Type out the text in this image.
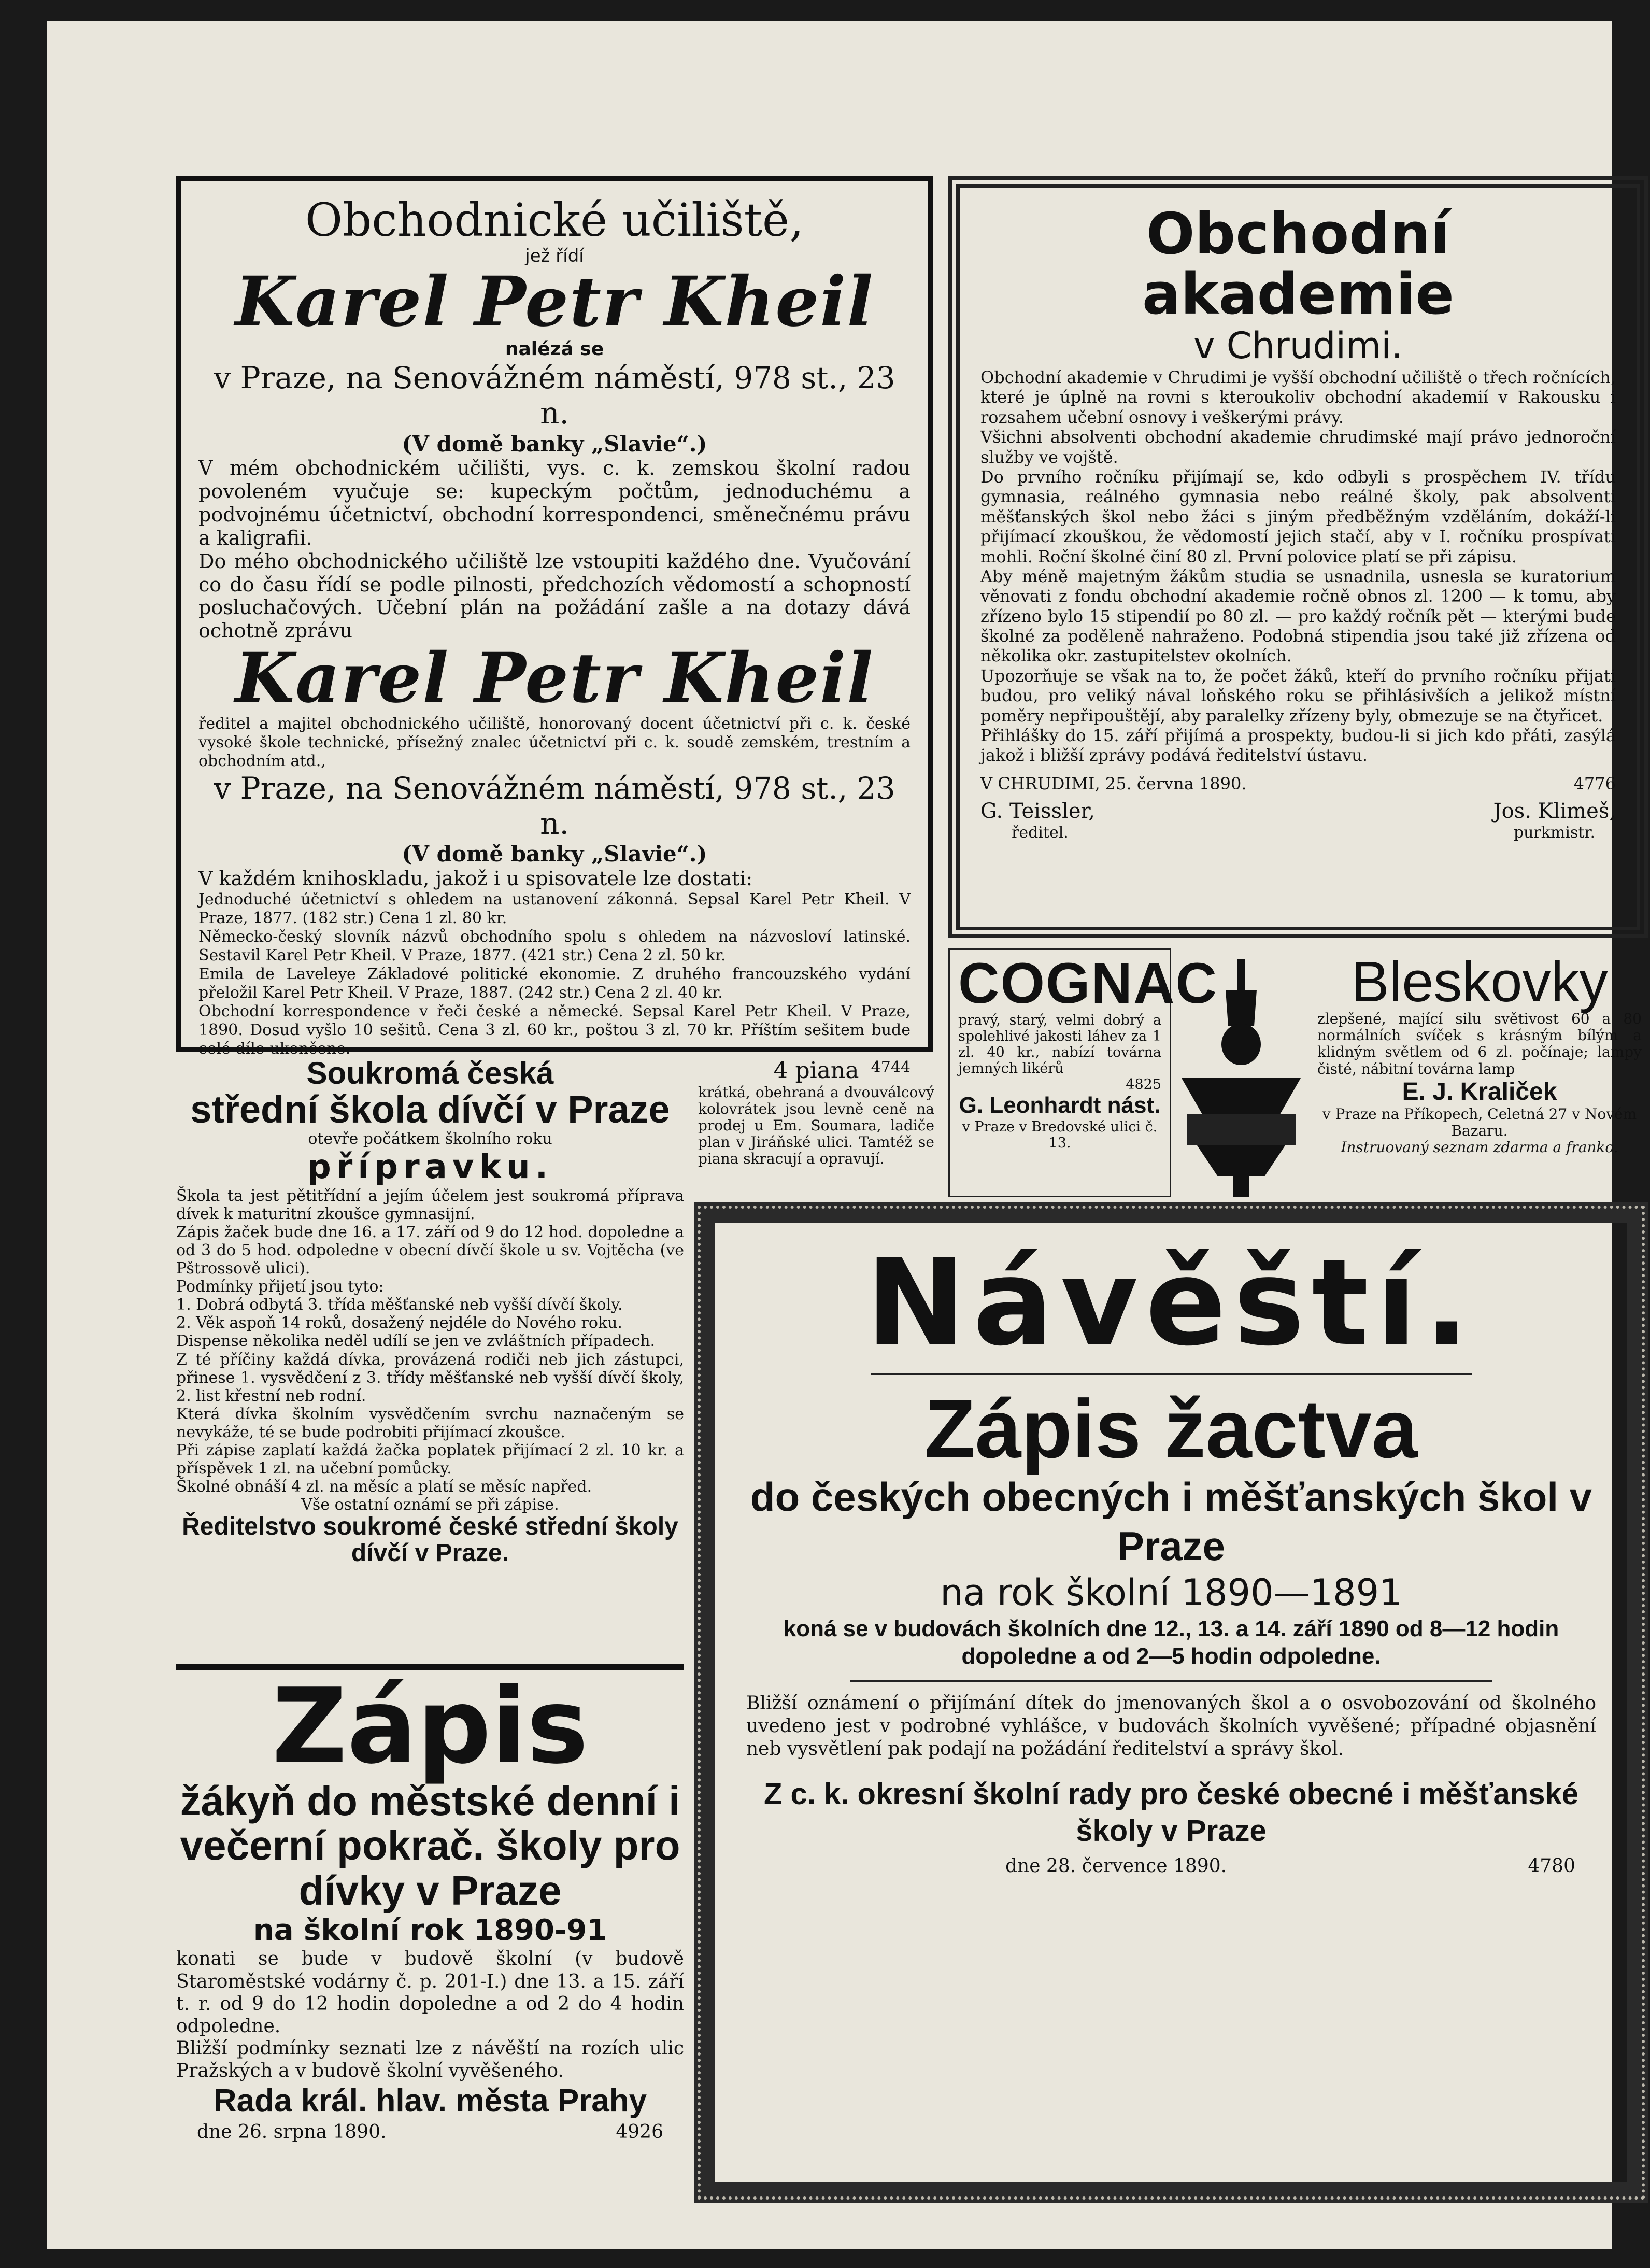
Obchodnické učiliště,

jež řídí

Karel Petr Kheil

nalézá se

v Praze, na Senovážném náměstí, 978 st., 23 n.

(V domě banky „Slavie“.)

V mém obchodnickém učilišti, vys. c. k. zemskou školní radou povoleném vyučuje se: kupeckým počtům, jednoduchému a podvojnému účetnictví, obchodní korrespondenci, směnečnému právu a kaligrafii.

Do mého obchodnického učiliště lze vstoupiti každého dne. Vyučování co do času řídí se podle pilnosti, předchozích vědomostí a schopností posluchačových. Učební plán na požádání zašle a na dotazy dává ochotně zprávu

Karel Petr Kheil

ředitel a majitel obchodnického učiliště, honorovaný docent účetnictví při c. k. české vysoké škole technické, přísežný znalec účetnictví při c. k. soudě zemském, trestním a obchodním atd.,

v Praze, na Senovážném náměstí, 978 st., 23 n.

(V domě banky „Slavie“.)

V každém knihoskladu, jakož i u spisovatele lze dostati:

Jednoduché účetnictví s ohledem na ustanovení zákonná. Sepsal Karel Petr Kheil. V Praze, 1877. (182 str.) Cena 1 zl. 80 kr.

Německo-český slovník názvů obchodního spolu s ohledem na názvosloví latinské. Sestavil Karel Petr Kheil. V Praze, 1877. (421 str.) Cena 2 zl. 50 kr.

Emila de Laveleye Základové politické ekonomie. Z druhého francouzského vydání přeložil Karel Petr Kheil. V Praze, 1887. (242 str.) Cena 2 zl. 40 kr.

Obchodní korrespondence v řeči české a německé. Sepsal Karel Petr Kheil. V Praze, 1890. Dosud vyšlo 10 sešitů. Cena 3 zl. 60 kr., poštou 3 zl. 70 kr. Příštím sešitem bude celé dílo ukončeno.

4744

Obchodní akademie

v Chrudimi.

Obchodní akademie v Chrudimi je vyšší obchodní učiliště o třech ročnících, které je úplně na rovni s kteroukoliv obchodní akademií v Rakousku i rozsahem učební osnovy i veškerými právy.

Všichni absolventi obchodní akademie chrudimské mají právo jednoroční služby ve vojště.

Do prvního ročníku přijímají se, kdo odbyli s prospěchem IV. třídu gymnasia, reálného gymnasia nebo reálné školy, pak absolventi měšťanských škol nebo žáci s jiným předběžným vzděláním, dokáží-li přijímací zkouškou, že vědomostí jejich stačí, aby v I. ročníku prospívati mohli. Roční školné činí 80 zl. První polovice platí se při zápisu.

Aby méně majetným žákům studia se usnadnila, usnesla se kuratorium věnovati z fondu obchodní akademie ročně obnos zl. 1200 — k tomu, aby zřízeno bylo 15 stipendií po 80 zl. — pro každý ročník pět — kterými bude školné za poděleně nahraženo. Podobná stipendia jsou také již zřízena od několika okr. zastupitelstev okolních.

Upozorňuje se však na to, že počet žáků, kteří do prvního ročníku přijati budou, pro veliký nával loňského roku se přihlásivších a jelikož místní poměry nepřipouštějí, aby paralelky zřízeny byly, obmezuje se na čtyřicet.

Přihlášky do 15. září přijímá a prospekty, budou-li si jich kdo přáti, zasýlá jakož i bližší zprávy podává ředitelství ústavu.

V CHRUDIMI, 25. června 1890.	4776
G. Teissler,	Jos. Klimeš,
ředitel.	purkmistr.

COGNAC

pravý, starý, velmi dobrý a spolehlivé jakosti láhev za 1 zl. 40 kr., nabízí továrna jemných likérů

4825

G. Leonhardt nást.

v Praze v Bredovské ulici č. 13.

Bleskovky

zlepšené, mající silu světivost 60 a 80 normálních svíček s krásným bílým a klidným světlem od 6 zl. počínaje; lampy čisté, nábitní továrna lamp

E. J. Kraliček

v Praze na Příkopech, Celetná 27 v Novém Bazaru.

Instruovaný seznam zdarma a franko.

4 piana

krátká, obehraná a dvouválcový kolovrátek jsou levně ceně na prodej u Em. Soumara, ladiče plan v Jiráňské ulici. Tamtéž se piana skracují a opravují.

Soukromá česká

střední škola dívčí v Praze

otevře počátkem školního roku

přípravku.

Škola ta jest pětitřídní a jejím účelem jest soukromá příprava dívek k maturitní zkoušce gymnasijní.

Zápis žaček bude dne 16. a 17. září od 9 do 12 hod. dopoledne a od 3 do 5 hod. odpoledne v obecní dívčí škole u sv. Vojtěcha (ve Pštrossově ulici).

Podmínky přijetí jsou tyto:

1. Dobrá odbytá 3. třída měšťanské neb vyšší dívčí školy.

2. Věk aspoň 14 roků, dosažený nejdéle do Nového roku.

Dispense několika neděl udílí se jen ve zvláštních případech.

Z té příčiny každá dívka, provázená rodiči neb jich zástupci, přinese 1. vysvědčení z 3. třídy měšťanské neb vyšší dívčí školy, 2. list křestní neb rodní.

Která dívka školním vysvědčením svrchu naznačeným se nevykáže, té se bude podrobiti přijímací zkoušce.

Při zápise zaplatí každá žačka poplatek přijímací 2 zl. 10 kr. a příspěvek 1 zl. na učební pomůcky.

Školné obnáší 4 zl. na měsíc a platí se měsíc napřed.

Vše ostatní oznámí se při zápise.

Ředitelstvo soukromé české střední školy dívčí v Praze.

Zápis

žákyň do městské denní i večerní pokrač. školy pro dívky v Praze

na školní rok 1890-91

konati se bude v budově školní (v budově Staroměstské vodárny č. p. 201-I.) dne 13. a 15. září t. r. od 9 do 12 hodin dopoledne a od 2 do 4 hodin odpoledne.

Bližší podmínky seznati lze z návěští na rozích ulic Pražských a v budově školní vyvěšeného.

Rada král. hlav. města Prahy

dne 26. srpna 1890.	4926

Návěští.

Zápis žactva

do českých obecných i měšťanských škol v Praze

na rok školní 1890—1891

koná se v budovách školních dne 12., 13. a 14. září 1890 od 8—12 hodin dopoledne a od 2—5 hodin odpoledne.

Bližší oznámení o přijímání dítek do jmenovaných škol a o osvobozování od školného uvedeno jest v podrobné vyhlášce, v budovách školních vyvěšené; případné objasnění neb vysvětlení pak podají na požádání ředitelství a správy škol.

Z c. k. okresní školní rady pro české obecné i měšťanské školy v Praze

dne 28. července 1890.	4780
